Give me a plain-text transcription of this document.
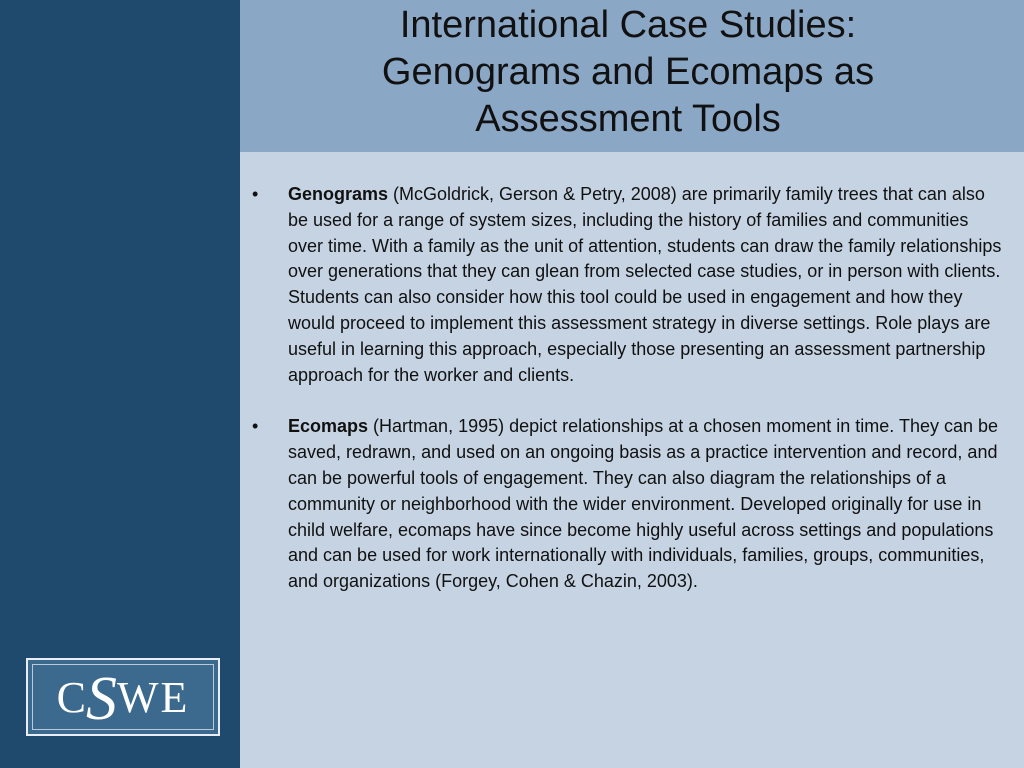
International Case Studies:
Genograms and Ecomaps as
Assessment Tools
• Genograms (McGoldrick, Gerson & Petry, 2008) are primarily family trees that can also be used for a range of system sizes, including the history of families and communities over time. With a family as the unit of attention, students can draw the family relationships over generations that they can glean from selected case studies, or in person with clients. Students can also consider how this tool could be used in engagement and how they would proceed to implement this assessment strategy in diverse settings. Role plays are useful in learning this approach, especially those presenting an assessment partnership approach for the worker and clients.
• Ecomaps (Hartman, 1995) depict relationships at a chosen moment in time. They can be saved, redrawn, and used on an ongoing basis as a practice intervention and record, and can be powerful tools of engagement. They can also diagram the relationships of a community or neighborhood with the wider environment. Developed originally for use in child welfare, ecomaps have since become highly useful across settings and populations and can be used for work internationally with individuals, families, groups, communities, and organizations (Forgey, Cohen & Chazin, 2003).
C
S
WE
